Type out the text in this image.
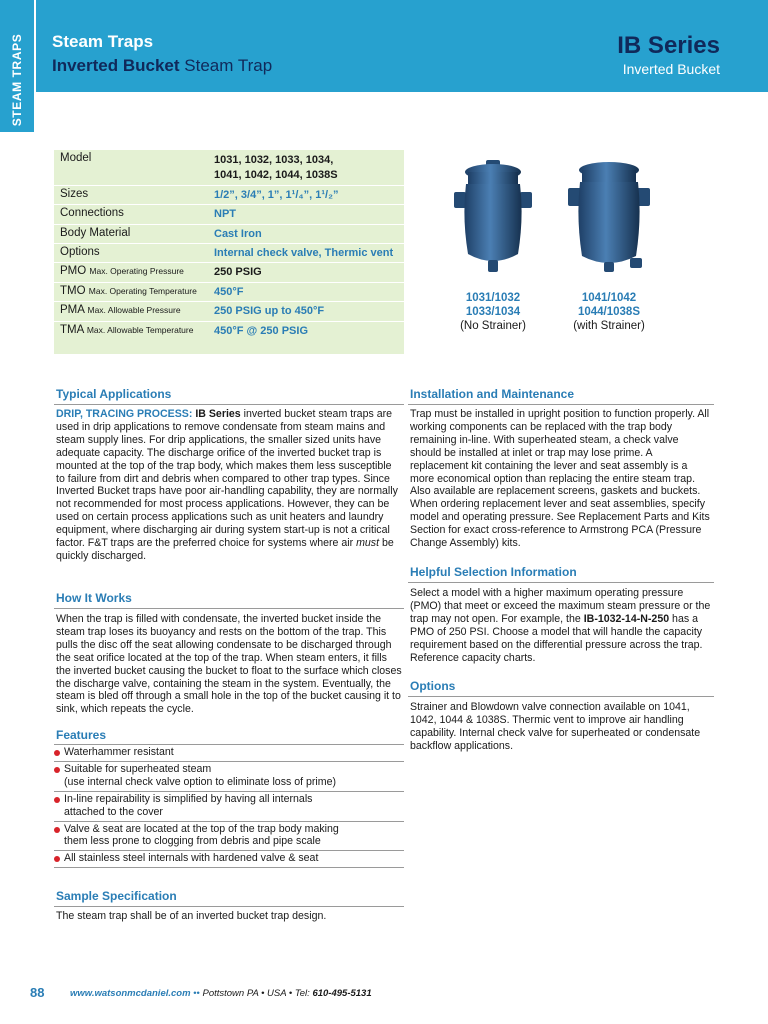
STEAM TRAPS Steam Traps
Inverted Bucket Steam Trap
IB Series
Inverted Bucket
Model	1031, 1032, 1033, 1034,
1041, 1042, 1044, 1038S
Sizes	1/2”, 3/4”, 1”, 1¹/₄”, 1¹/₂”
Connections	NPT
Body Material	Cast Iron
Options	Internal check valve, Thermic vent
PMO Max. Operating Pressure	250 PSIG
TMO Max. Operating Temperature	450°F
PMA Max. Allowable Pressure	250 PSIG up to 450°F
TMA Max. Allowable Temperature	450°F @ 250 PSIG
1031/1032
1033/1034
(No Strainer)
1041/1042
1044/1038S
(with Strainer)
Typical Applications
DRIP, TRACING PROCESS: IB Series inverted bucket steam traps are used in drip applications to remove condensate from steam mains and steam supply lines. For drip applications, the smaller sized units have adequate capacity. The discharge orifice of the inverted bucket trap is mounted at the top of the trap body, which makes them less susceptible to failure from dirt and debris when compared to other trap types. Since Inverted Bucket traps have poor air-handling capability, they are normally not recommended for most process applications. However, they can be used on certain process applications such as unit heaters and laundry equipment, where discharging air during system start-up is not a critical factor. F&T traps are the preferred choice for systems where air must be quickly discharged.
How It Works
When the trap is filled with condensate, the inverted bucket inside the steam trap loses its buoyancy and rests on the bottom of the trap. This pulls the disc off the seat allowing condensate to be discharged through the seat orifice located at the top of the trap. When steam enters, it fills the inverted bucket causing the bucket to float to the surface which closes the discharge valve, containing the steam in the system. Eventually, the steam is bled off through a small hole in the top of the bucket causing it to sink, which repeats the cycle.
Features
Waterhammer resistant
Suitable for superheated steam
(use internal check valve option to eliminate loss of prime)
In-line repairability is simplified by having all internals
attached to the cover
Valve & seat are located at the top of the trap body making
them less prone to clogging from debris and pipe scale
All stainless steel internals with hardened valve & seat
Sample Specification
The steam trap shall be of an inverted bucket trap design.
Installation and Maintenance
Trap must be installed in upright position to function properly. All working components can be replaced with the trap body remaining in-line. With superheated steam, a check valve should be installed at inlet or trap may lose prime. A replacement kit containing the lever and seat assembly is a more economical option than replacing the entire steam trap. Also available are replacement screens, gaskets and buckets. When ordering replacement lever and seat assemblies, specify model and operating pressure. See Replacement Parts and Kits Section for exact cross-reference to Armstrong PCA (Pressure Change Assembly) kits.
Helpful Selection Information
Select a model with a higher maximum operating pressure (PMO) that meet or exceed the maximum steam pressure or the trap may not open. For example, the IB-1032-14-N-250 has a PMO of 250 PSI. Choose a model that will handle the capacity requirement based on the differential pressure across the trap. Reference capacity charts.
Options
Strainer and Blowdown valve connection available on 1041, 1042, 1044 & 1038S. Thermic vent to improve air handling capability. Internal check valve for superheated or condensate backflow applications.
88	www.watsonmcdaniel.com •• Pottstown PA • USA • Tel: 610-495-5131
